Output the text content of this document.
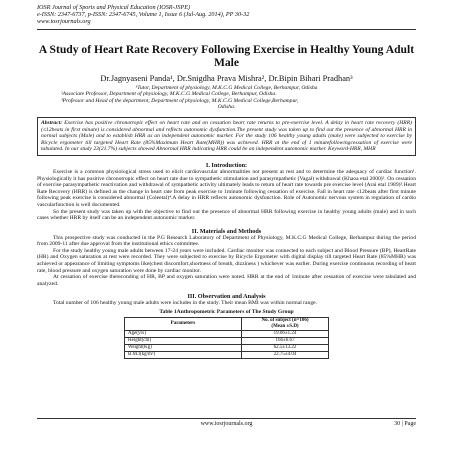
IOSR Journal of Sports and Physical Education (IOSR-JSPE)
e-ISSN: 2347-6737, p-ISSN: 2347-6745, Volume 1, Issue 6 (Jul-Aug. 2014), PP 30-32
www.iosrjournals.org
A Study of Heart Rate Recovery Following Exercise in Healthy Young Adult Male
Dr.Jagnyaseni Panda¹, Dr.Snigdha Prava Mishra², Dr.Bipin Bihari Pradhan³
¹Tutor, Department of physiology, M.K.C.G Medical College, Berhampur, Odisha
²Associate Professor, Department of physiology, M.K.C.G Medical College, Berhampur, Odisha.
³Professor and Head of the department, Department of physiology, M.K.C.G Medical College,Berhampur,
Odisha.
Abstract: Exercise has positive chronotropic effect on heart rate and on cessation heart rate returns to pre-exercise level. A delay in heart rate recovery (HRR) (≤12beats in first minute) is considered abnormal and reflects autonomic dysfunction.The present study was taken up to find out the presence of abnormal HRR in normal subjects (Male) and to establish HRR as an independent autonomic marker. For the study 106 healthy young adults (male) were subjected to exercise by Bicycle ergometer till targeted Heart Rate (85%Maximum Heart Rate(MHR)) was achieved. HRR at the end of 1 minutefollowingcessation of exercise were tabulated. In our study 23(21.7%) subjects showed Abnormal HRR indicating HRR could be an independent autonomic marker. Keyword-HRR, MHR
I. Introduction:

Exercise is a common physiological stress used to elicit cardiovascular abnormalities not present at rest and to determine the adequacy of cardiac function¹. Physiologically it has positive chronotropic effect on heart rate due to sympathetic stimulation and parasympathetic (Vagal) withdrawal (Khaoa etal 2000)². On cessation of exercise parasympathetic reactivation and withdrawal of sympathetic activity ultimately leads to return of heart rate towards pre exercise level (Arai etal 1989)³.Heart Rate Recovery (HRR) is defined as the change in heart rate from peak exercise to 1minute following cessation of exercise. Fall in heart rate ≤12beats after first minute following peak exercise is considered abnormal (Coleetal)⁴.A delay in HRR reflects autonomic dysfunction. Role of Autonomic nervous system in regulation of cardio vascularfunction is well documented.

So the present study was taken up with the objective to find out the presence of abnormal HRR following exercise in healthy young adults (male) and in such cases whether HRR by itself can be an independent autonomic marker.

II. Materials and Methods

This prospective study was conducted in the P.G Research Laboratory of Department of Physiology, M.K.C.G Medical College, Berhampur during the period from 2009-11 after due approval from the institutional ethics committee.

For the study healthy young male adults between 17-24 years were included. Cardiac monitor was connected to each subject and Blood Pressure (BP), HeartRate (HR) and Oxygen saturation at rest were recorded. They were subjected to exercise by Bicycle Ergometer with digital display till targeted Heart Rate (85%MHR) was achieved or appearance of limiting symptoms like(chest discomfort,shortness of breath, dizziness ) whichever was earlier. During exercise continuous recording of heart rate, blood pressure and oxygen saturation were done by cardiac monitor.

At cessation of exercise thereconding of HR, BP and oxygen saturation were noted. HRR at the end of 1minute after cessation of exercise were tabulated and analyzed.

III. Observation and Analysis

Total number of 106 healthy young male adults were includes in the study. Their mean BMI was within normal range.

Table 1Anthropometric Parameters of The Study Group
Parameters	No. of subject (n=106)
(Mean ±S.D)
Age(yrs)	19.06±1.24
Height(cm)	166±6.67
Weight(Kg)	62.5±13.22
B.M.I(kg/m²)	22.75±4.04
www.iosrjournals.org	30 | Page
